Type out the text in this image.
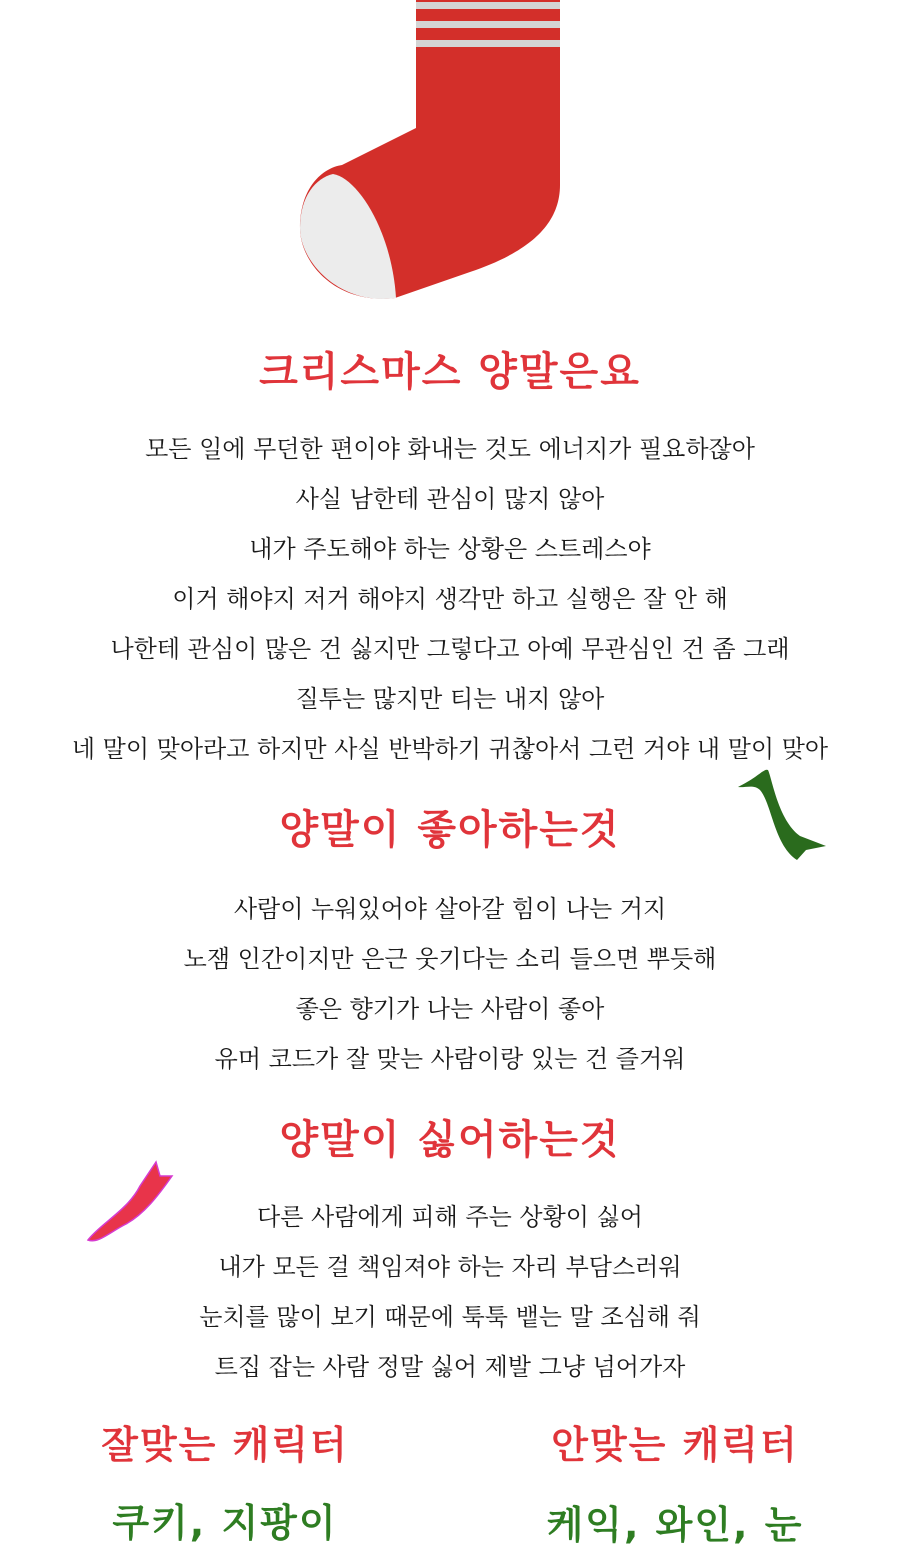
크리스마스 양말은요
모든 일에 무던한 편이야 화내는 것도 에너지가 필요하잖아
사실 남한테 관심이 많지 않아
내가 주도해야 하는 상황은 스트레스야
이거 해야지 저거 해야지 생각만 하고 실행은 잘 안 해
나한테 관심이 많은 건 싫지만 그렇다고 아예 무관심인 건 좀 그래
질투는 많지만 티는 내지 않아
네 말이 맞아라고 하지만 사실 반박하기 귀찮아서 그런 거야 내 말이 맞아
양말이 좋아하는것
사람이 누워있어야 살아갈 힘이 나는 거지
노잼 인간이지만 은근 웃기다는 소리 들으면 뿌듯해
좋은 향기가 나는 사람이 좋아
유머 코드가 잘 맞는 사람이랑 있는 건 즐거워
양말이 싫어하는것
다른 사람에게 피해 주는 상황이 싫어
내가 모든 걸 책임져야 하는 자리 부담스러워
눈치를 많이 보기 때문에 툭툭 뱉는 말 조심해 줘
트집 잡는 사람 정말 싫어 제발 그냥 넘어가자
잘맞는 캐릭터	안맞는 캐릭터
쿠키, 지팡이	케익, 와인, 눈
